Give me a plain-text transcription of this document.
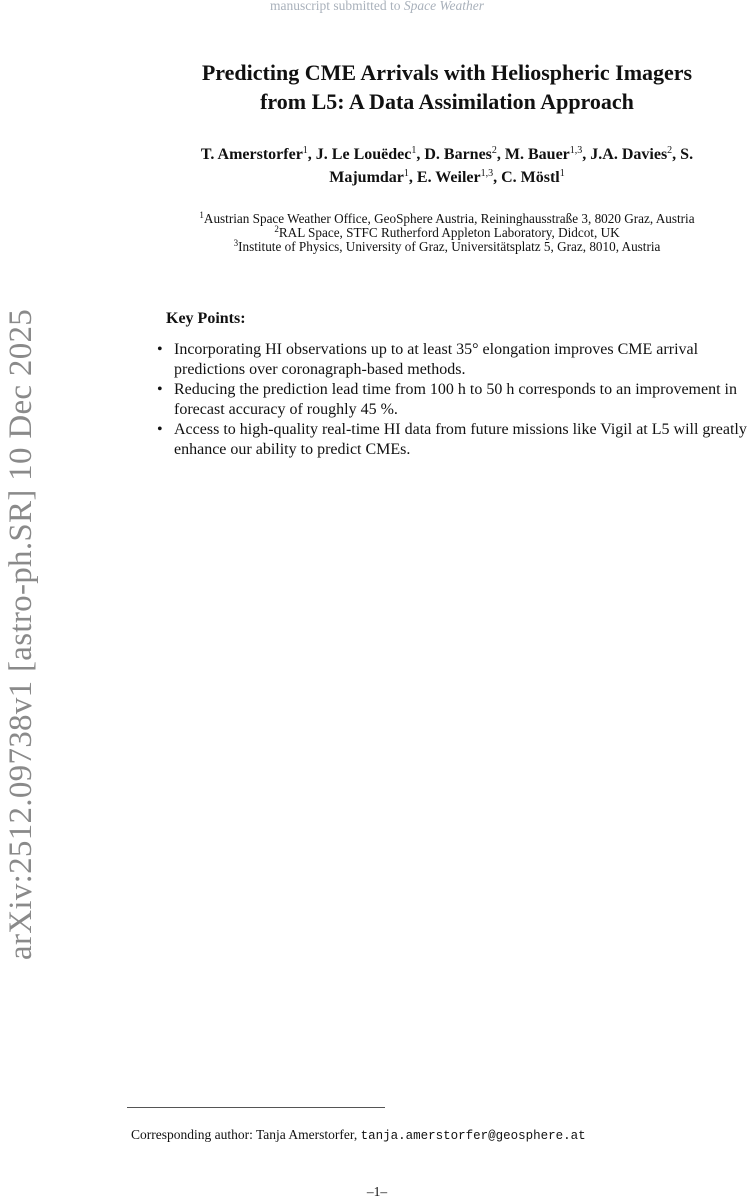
manuscript submitted to Space Weather
Predicting CME Arrivals with Heliospheric Imagers
from L5: A Data Assimilation Approach
T. Amerstorfer$^1$, J. Le Louëdec$^1$, D. Barnes$^2$, M. Bauer$^{1,3}$, J.A. Davies$^2$, S.
Majumdar$^1$, E. Weiler$^{1,3}$, C. Möstl$^1$
$^1$Austrian Space Weather Office, GeoSphere Austria, Reininghausstraße 3, 8020 Graz, Austria
$^2$RAL Space, STFC Rutherford Appleton Laboratory, Didcot, UK
$^3$Institute of Physics, University of Graz, Universitätsplatz 5, Graz, 8010, Austria
Key Points:
• Incorporating HI observations up to at least 35° elongation improves CME arrival predictions over coronagraph-based methods.
• Reducing the prediction lead time from 100 h to 50 h corresponds to an improvement in forecast accuracy of roughly 45 %.
• Access to high-quality real-time HI data from future missions like Vigil at L5 will greatly enhance our ability to predict CMEs.
arXiv:2512.09738v1 [astro-ph.SR] 10 Dec 2025
Corresponding author: Tanja Amerstorfer, tanja.amerstorfer@geosphere.at
–1–
